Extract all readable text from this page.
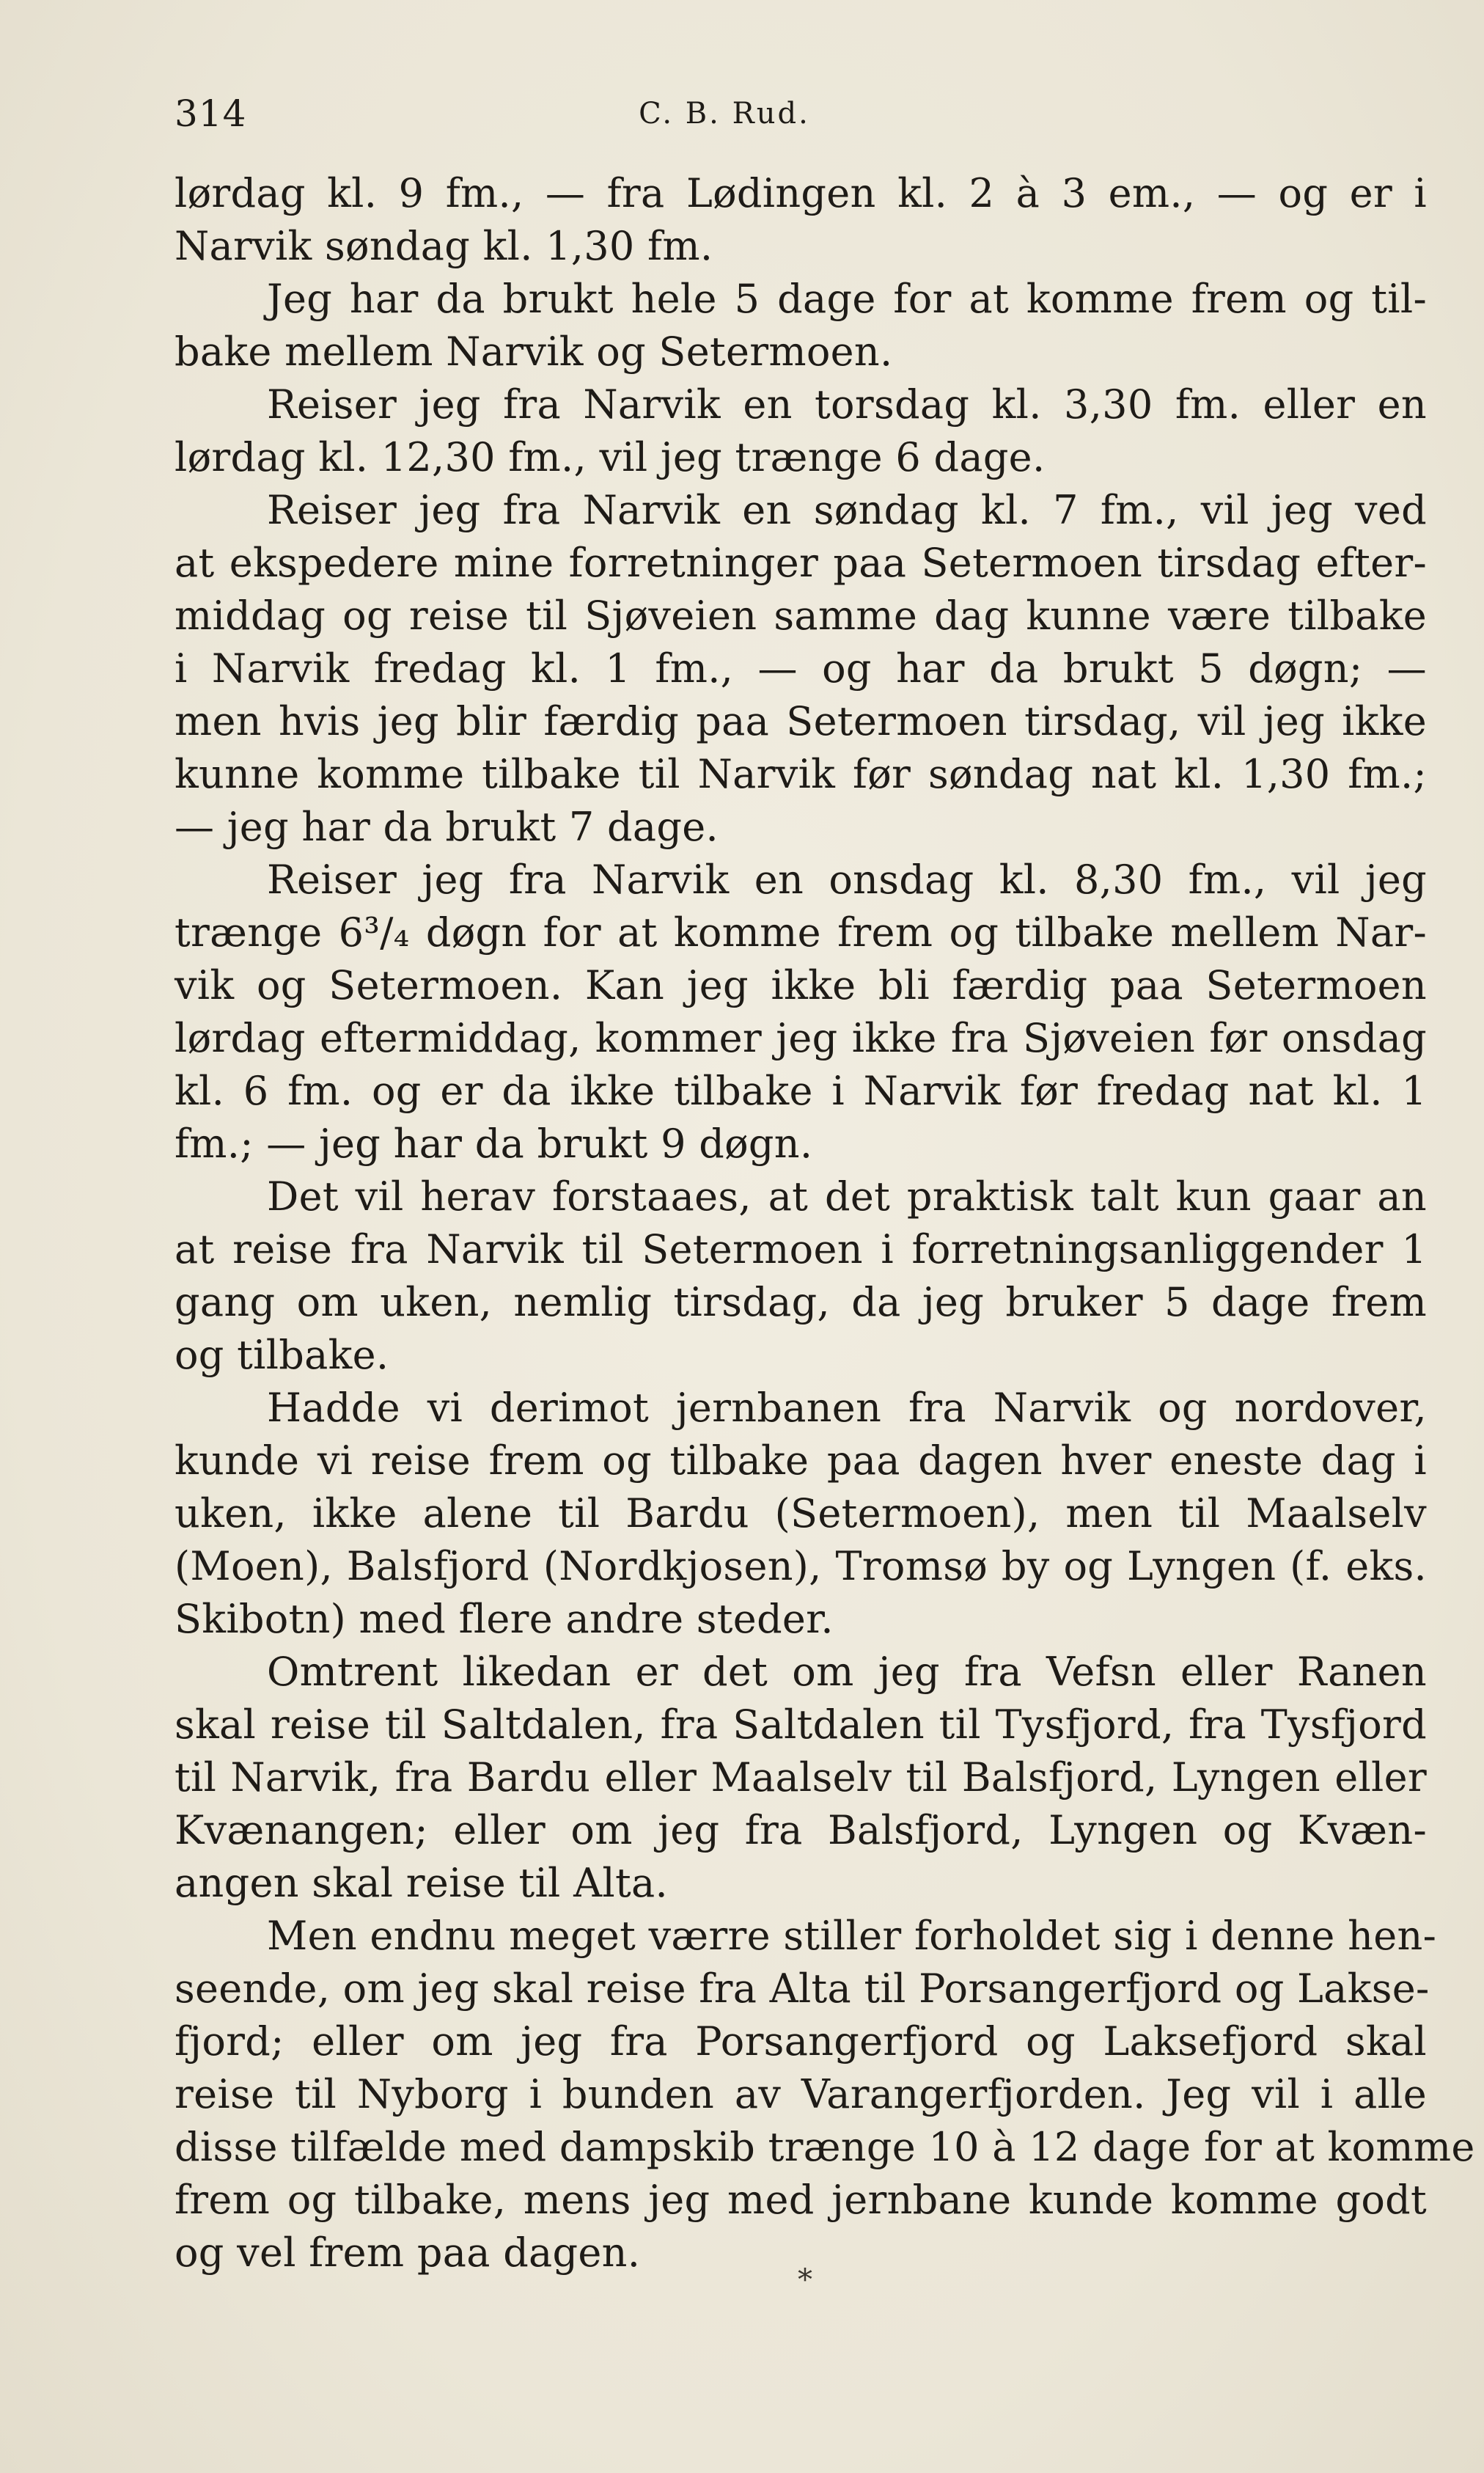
314	C. B. Rud.
lørdag kl. 9 fm., — fra Lødingen kl. 2 à 3 em., — og er i
Narvik søndag kl. 1,30 fm.
Jeg har da brukt hele 5 dage for at komme frem og til-
bake mellem Narvik og Setermoen.
Reiser jeg fra Narvik en torsdag kl. 3,30 fm. eller en
lørdag kl. 12,30 fm., vil jeg trænge 6 dage.
Reiser jeg fra Narvik en søndag kl. 7 fm., vil jeg ved
at ekspedere mine forretninger paa Setermoen tirsdag efter-
middag og reise til Sjøveien samme dag kunne være tilbake
i Narvik fredag kl. 1 fm., — og har da brukt 5 døgn; —
men hvis jeg blir færdig paa Setermoen tirsdag, vil jeg ikke
kunne komme tilbake til Narvik før søndag nat kl. 1,30 fm.;
— jeg har da brukt 7 dage.
Reiser jeg fra Narvik en onsdag kl. 8,30 fm., vil jeg
trænge 6³/₄ døgn for at komme frem og tilbake mellem Nar-
vik og Setermoen. Kan jeg ikke bli færdig paa Setermoen
lørdag eftermiddag, kommer jeg ikke fra Sjøveien før onsdag
kl. 6 fm. og er da ikke tilbake i Narvik før fredag nat kl. 1
fm.; — jeg har da brukt 9 døgn.
Det vil herav forstaaes, at det praktisk talt kun gaar an
at reise fra Narvik til Setermoen i forretningsanliggender 1
gang om uken, nemlig tirsdag, da jeg bruker 5 dage frem
og tilbake.
Hadde vi derimot jernbanen fra Narvik og nordover,
kunde vi reise frem og tilbake paa dagen hver eneste dag i
uken, ikke alene til Bardu (Setermoen), men til Maalselv
(Moen), Balsfjord (Nordkjosen), Tromsø by og Lyngen (f. eks.
Skibotn) med flere andre steder.
Omtrent likedan er det om jeg fra Vefsn eller Ranen
skal reise til Saltdalen, fra Saltdalen til Tysfjord, fra Tysfjord
til Narvik, fra Bardu eller Maalselv til Balsfjord, Lyngen eller
Kvænangen; eller om jeg fra Balsfjord, Lyngen og Kvæn-
angen skal reise til Alta.
Men endnu meget værre stiller forholdet sig i denne hen-
seende, om jeg skal reise fra Alta til Porsangerfjord og Lakse-
fjord; eller om jeg fra Porsangerfjord og Laksefjord skal
reise til Nyborg i bunden av Varangerfjorden. Jeg vil i alle
disse tilfælde med dampskib trænge 10 à 12 dage for at komme
frem og tilbake, mens jeg med jernbane kunde komme godt
og vel frem paa dagen.
*
